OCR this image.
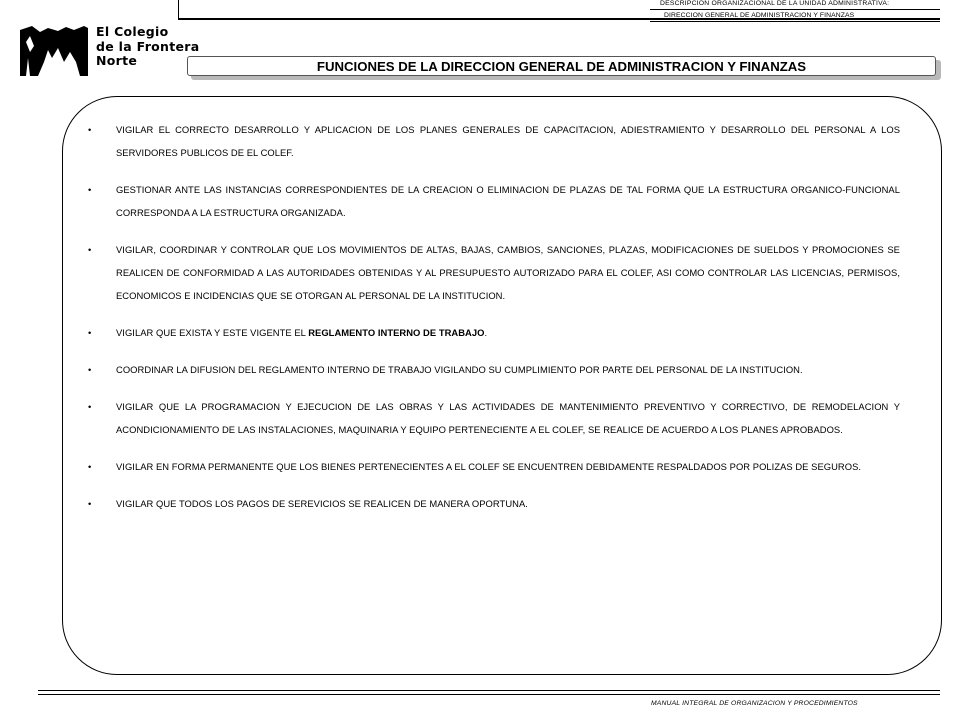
DESCRIPCION ORGANIZACIONAL DE LA UNIDAD ADMINISTRATIVA:
DIRECCION GENERAL DE ADMINISTRACION Y FINANZAS
El Colegio
de la Frontera
Norte	FUNCIONES DE LA DIRECCION GENERAL DE ADMINISTRACION Y FINANZAS
•	VIGILAR EL CORRECTO DESARROLLO Y APLICACION DE LOS PLANES GENERALES DE CAPACITACION, ADIESTRAMIENTO Y DESARROLLO DEL PERSONAL A LOS SERVIDORES PUBLICOS DE EL COLEF.
•	GESTIONAR ANTE LAS INSTANCIAS CORRESPONDIENTES DE LA CREACION O ELIMINACION DE PLAZAS DE TAL FORMA QUE LA ESTRUCTURA ORGANICO-FUNCIONAL CORRESPONDA A LA ESTRUCTURA ORGANIZADA.
•	VIGILAR, COORDINAR Y CONTROLAR QUE LOS MOVIMIENTOS DE ALTAS, BAJAS, CAMBIOS, SANCIONES, PLAZAS, MODIFICACIONES DE SUELDOS Y PROMOCIONES SE REALICEN DE CONFORMIDAD A LAS AUTORIDADES OBTENIDAS Y AL PRESUPUESTO AUTORIZADO PARA EL COLEF, ASI COMO CONTROLAR LAS LICENCIAS, PERMISOS, ECONOMICOS E INCIDENCIAS QUE SE OTORGAN AL PERSONAL DE LA INSTITUCION.
•	VIGILAR QUE EXISTA Y ESTE VIGENTE EL REGLAMENTO INTERNO DE TRABAJO.
•	COORDINAR LA DIFUSION DEL REGLAMENTO INTERNO DE TRABAJO VIGILANDO SU CUMPLIMIENTO POR PARTE DEL PERSONAL DE LA INSTITUCION.
•	VIGILAR QUE LA PROGRAMACION Y EJECUCION DE LAS OBRAS Y LAS ACTIVIDADES DE MANTENIMIENTO PREVENTIVO Y CORRECTIVO, DE REMODELACION Y ACONDICIONAMIENTO DE LAS INSTALACIONES, MAQUINARIA Y EQUIPO PERTENECIENTE A EL COLEF, SE REALICE DE ACUERDO A LOS PLANES APROBADOS.
•	VIGILAR EN FORMA PERMANENTE QUE LOS BIENES PERTENECIENTES A EL COLEF SE ENCUENTREN DEBIDAMENTE RESPALDADOS POR POLIZAS DE SEGUROS.
•	VIGILAR QUE TODOS LOS PAGOS DE SEREVICIOS SE REALICEN DE MANERA OPORTUNA.
MANUAL INTEGRAL DE ORGANIZACION Y PROCEDIMIENTOS
